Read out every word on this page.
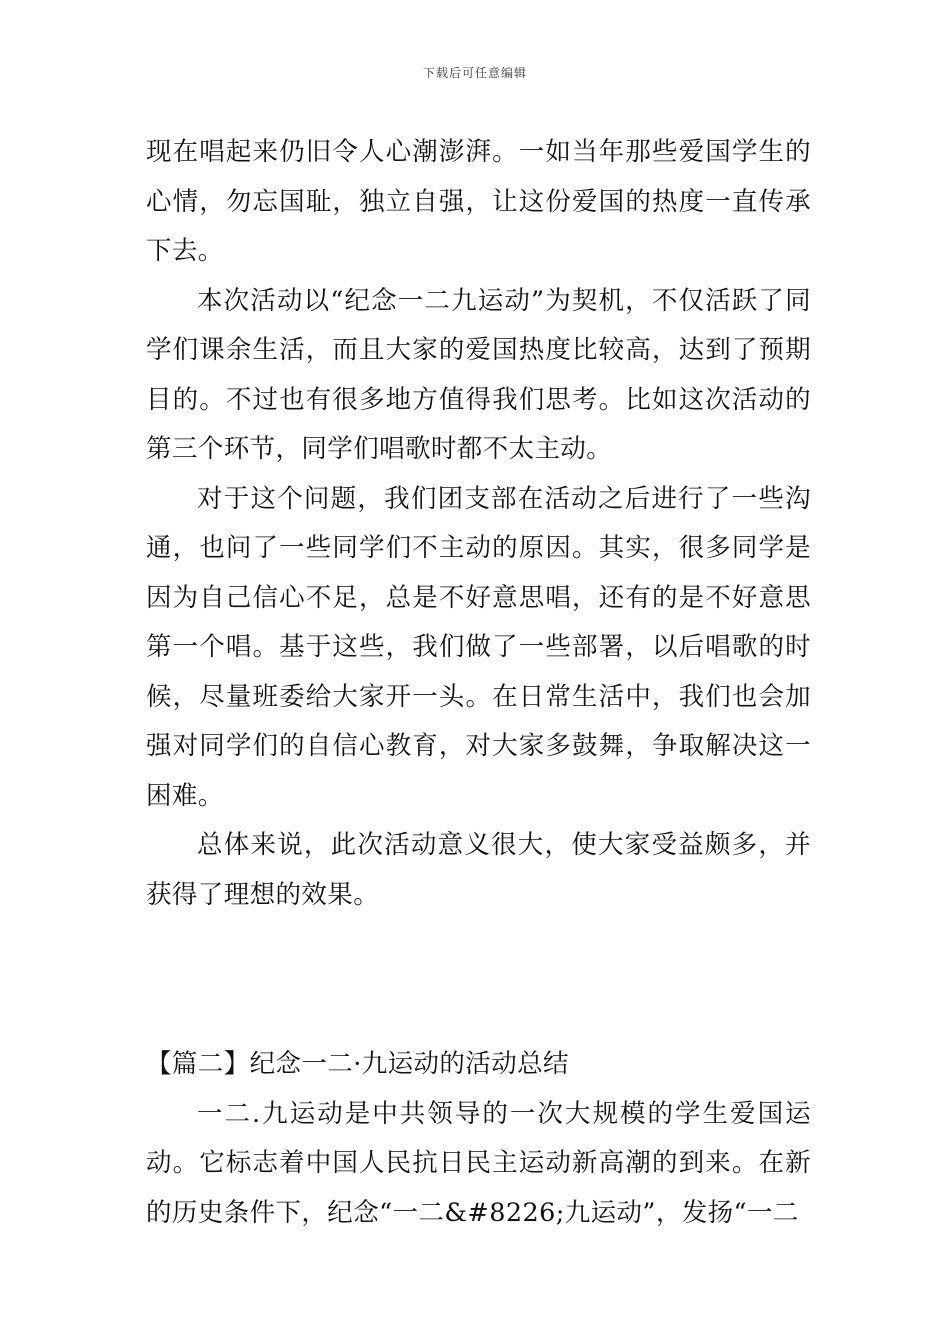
下载后可任意编辑

现在唱起来仍旧令人心潮澎湃。一如当年那些爱国学生的心情，勿忘国耻，独立自强，让这份爱国的热度一直传承下去。

本次活动以“纪念一二九运动”为契机，不仅活跃了同学们课余生活，而且大家的爱国热度比较高，达到了预期目的。不过也有很多地方值得我们思考。比如这次活动的第三个环节，同学们唱歌时都不太主动。

对于这个问题，我们团支部在活动之后进行了一些沟通，也问了一些同学们不主动的原因。其实，很多同学是因为自己信心不足，总是不好意思唱，还有的是不好意思第一个唱。基于这些，我们做了一些部署，以后唱歌的时候，尽量班委给大家开一头。在日常生活中，我们也会加强对同学们的自信心教育，对大家多鼓舞，争取解决这一困难。

总体来说，此次活动意义很大，使大家受益颇多，并获得了理想的效果。

【篇二】纪念一二·九运动的活动总结

一二.九运动是中共领导的一次大规模的学生爱国运动。它标志着中国人民抗日民主运动新高潮的到来。在新的历史条件下，纪念“一二&#8226;九运动”，发扬“一二
